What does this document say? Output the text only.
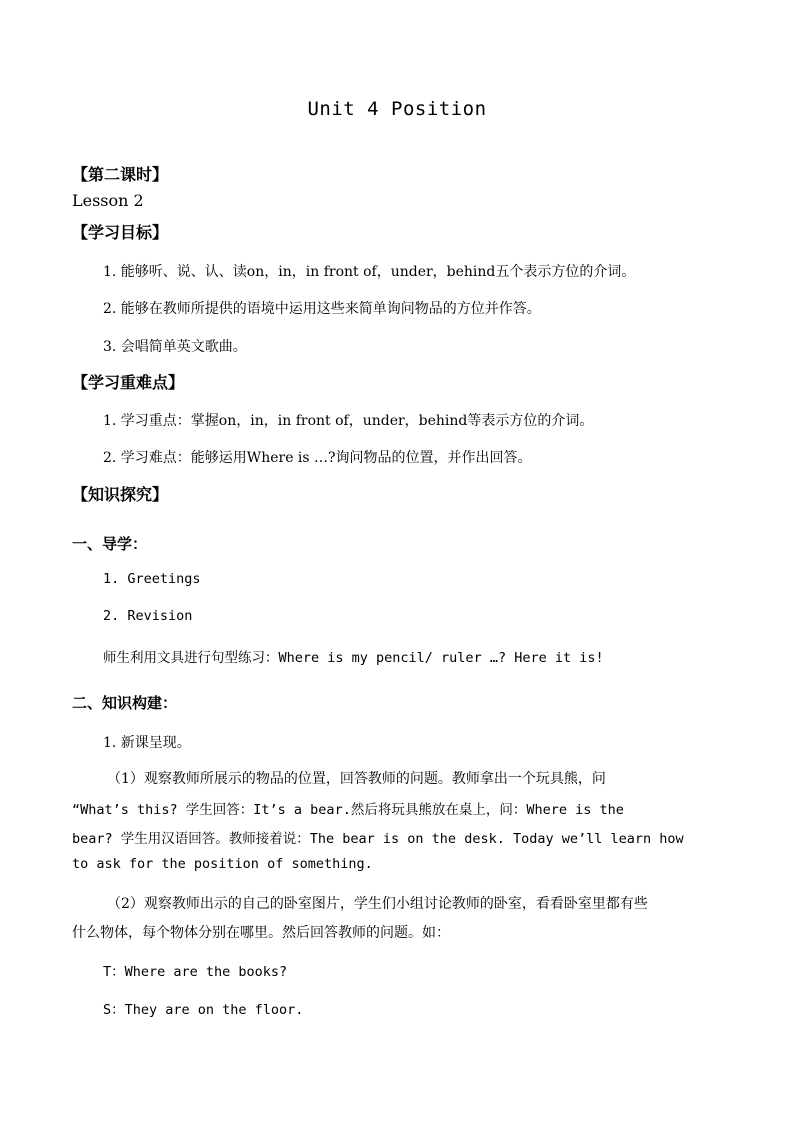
Unit 4 Position
【第二课时】
Lesson 2
【学习目标】
1. 能够听、说、认、读on，in，in front of，under，behind五个表示方位的介词。
2. 能够在教师所提供的语境中运用这些来简单询问物品的方位并作答。
3. 会唱简单英文歌曲。
【学习重难点】
1. 学习重点：掌握on，in，in front of，under，behind等表示方位的介词。
2. 学习难点：能够运用Where is …?询问物品的位置，并作出回答。
【知识探究】
一、导学：
1. Greetings
2. Revision
师生利用文具进行句型练习：Where is my pencil/ ruler …? Here it is!
二、知识构建：
1. 新课呈现。
（1）观察教师所展示的物品的位置，回答教师的问题。教师拿出一个玩具熊，问
“What’s this? 学生回答：It’s a bear.然后将玩具熊放在桌上，问：Where is the
bear? 学生用汉语回答。教师接着说：The bear is on the desk. Today we’ll learn how
to ask for the position of something.
（2）观察教师出示的自己的卧室图片，学生们小组讨论教师的卧室，看看卧室里都有些
什么物体，每个物体分别在哪里。然后回答教师的问题。如：
T：Where are the books?
S：They are on the floor.
